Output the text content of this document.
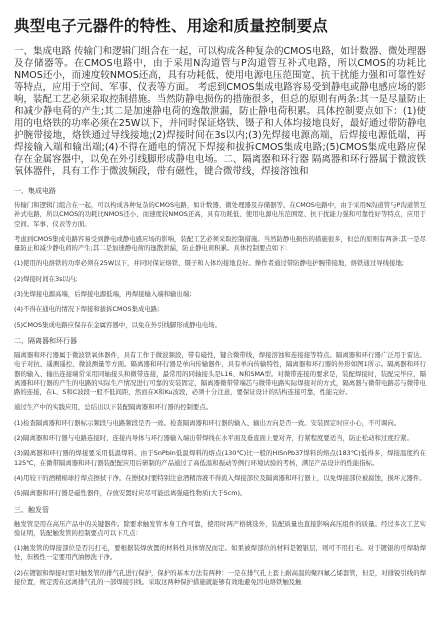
典型电子元器件的特性、用途和质量控制要点
一、集成电路 传输门和逻辑门组合在一起，可以构成各种复杂的CMOS电路，如计数器、微处理器及存储器等。在CMOS电路中，由于采用N沟道管与P沟道管互补式电路，所以CMOS的功耗比NMOS还小，而速度较NMOS还高，具有功耗低、使用电源电压范围宽、抗干扰能力强和可靠性好等特点，应用于空间、军事、仪表等方面。 考虑到CMOS集成电路容易受到静电或静电感应场的影响，装配工艺必须采取控制措施。当然防静电损伤的措施很多，但总的原则有两条:其一是尽量防止和减少静电荷的产生;其二是加速静电荷的逸散泄漏，防止静电荷积累。具体控制要点如下：(1)使用的电烙铁的功率必须在25W以下，并同时保证烙铁、镊子和人体均接地良好，最好通过带防静电护腕带接地，烙铁通过导线接地;(2)焊接时间在3s以内;(3)先焊接电源高端，后焊接电源低端，再焊接输入端和输出端;(4)不得在通电的情况下焊接和拔拆CMOS集成电路;(5)CMOS集成电路应保存在金属容器中，以免在外引线脚形成静电电场。二、隔离器和环行器 隔离器和环行器属于微波铁氧体器件，具有工作于微波频段，带有磁性，键合微带线，焊接溶蚀和
一、集成电路
传输门和逻辑门组合在一起，可以构成各种复杂的CMOS电路，如计数器、微处理器及存储器等。在CMOS电路中，由于采用N沟道管与P沟道管互补式电路，所以CMOS的功耗比NMOS还小，而速度较NMOS还高，具有功耗低、使用电源电压范围宽、抗干扰能力强和可靠性好等特点，应用于空间、军事、仪表等方面。
考虑到CMOS集成电路容易受到静电或静电感应场的影响，装配工艺必须采取控制措施。当然防静电损伤的措施很多，但总的原则有两条:其一是尽量防止和减少静电荷的产生;其二是加速静电荷的逸散泄漏，防止静电荷积累。具体控制要点如下：
(1)使用的电烙铁的功率必须在25W以下，并同时保证烙铁、镊子和人体均接地良好。操作者通过带防静电护腕带接地，烙铁通过导线接地;
(2)焊接时间在3s以内;
(3)先焊接电源高端，后焊接电源低端，再焊接输入端和输出端;
(4)不得在通电的情况下焊接和拔拆CMOS集成电路;
(5)CMOS集成电路应保存在金属容器中，以免在外引线脚形成静电电场。
二、隔离器和环行器
隔离器和环行器属于微波铁氧体器件，具有工作于微波频段，带有磁性，键合微带线，焊接溶蚀和连接接等特点。隔离器和环行器广泛用于雷达、电子对抗、遥测遥控、微波测量等方面。隔离器和环行器是单向传输器件，具有单向传输特性，隔离器和环行器的外形如图1所示。隔离器和环行器的输入、输出连接端常采用同轴接头和微带连接，最常用的同轴接头是L16、N和SMA型。对微带连接的要求是，装配焊接时，装配完毕应，隔离器和环行器的产生的电路的实际生产情况进行可靠的安装固定，隔离器微带带端芯与微带电路实际焊接对的方式，隔离器与微带电路芯与微带电路的连接，在L、S和C波段一般不低间距，然而在X和Ku波段，必须十分注意，要保证设计的结构连接可靠，性能完好。
通过生产中的实践应用，总结出以下装配隔离器和环行器的控制要点。
(1)检查隔离器和环行器标示频段与电路频段是否一致。检查隔离器和环行器的输入、输出方向是否一致。安装固定时应小心，不可调向。
(2)隔离器和环行器与电路连接时，连接内导体与环行器输入端出带焊线在水平面及垂直面上要对齐，拧紧程度要适当，防止松动和过度拧紧。
(3)隔离器和环行器的焊接要采用低温焊料。由于SnPbIn低温焊料的熔点(130℃)比一般的HiSnPb37焊料的熔点(183℃)低得多，焊接温度约在125℃，在微带隔离器和环行器装配配应用后研制的产品通过了高低温和振动等例行环境试验的考核，满足产品设计的性能指标。
(4)用较干的酒精棉球拧焊点擦拭干净。在擦拭时要特别注意酒精溶液不得流入焊接部位及隔离器和环行器上，以免焊接部位被腐蚀，损坏元器件。
(5)隔离器和环行器是磁性器件，存放安置时应尽可能远离强磁性物质(大于5cm)。
三、触发管
触发管是用在高压产品中的关键器件。除要求触发管本身工作可靠，使用时两产格挑选外，装配质量也直接影响高压组件的质量。经过多次工艺实验证明，装配触发管的控制要点可以下几点：
(1)触发管的焊接部位是否污打毛，要根据装焊放置的材料性具体情况而定。如果被焊部位的材料是镀银层，则可不用打毛。对于镀银的可焊助焊处，但极性一定要用汽油擦洗干净。
(2)在镀银和焊接时需对触发管的排气孔进行保护，保护的基本方法有两种：一是在排气孔上套上耐高温的聚四氟乙烯套管，但是，对排锐引线的焊接位置，规定需在远离排气孔的一部焊接引线。采取这两种保护措施就能够有效地避免因电烙铁触及触
